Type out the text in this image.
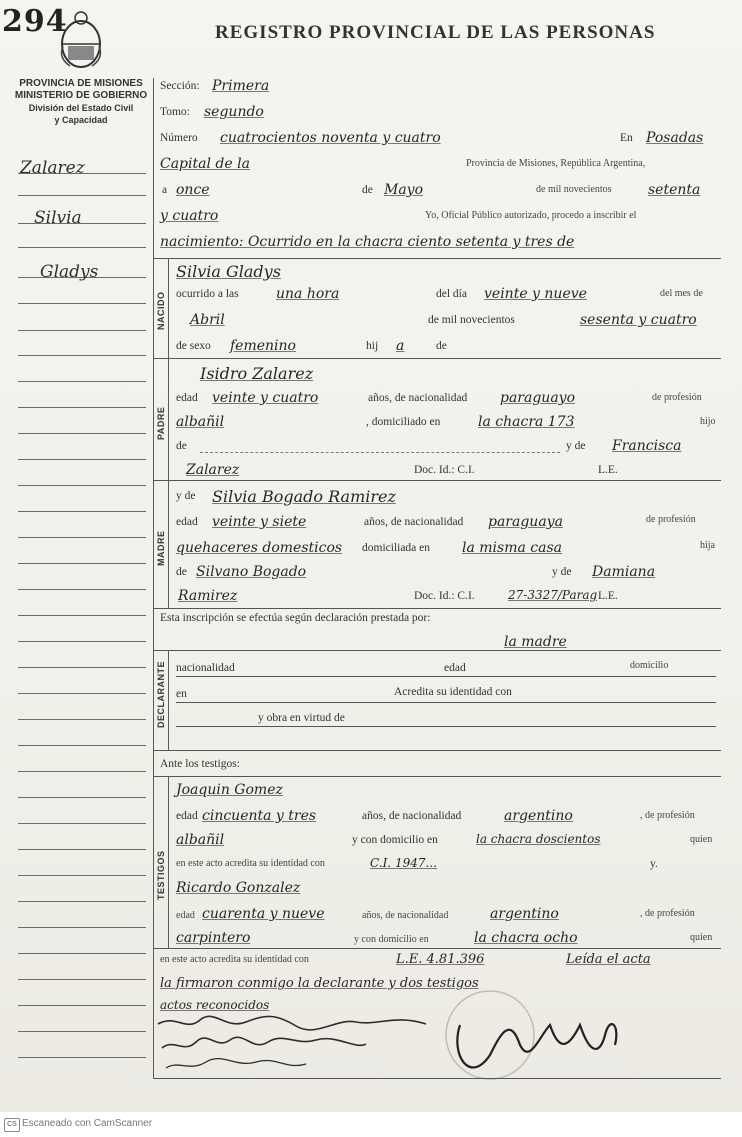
294	REGISTRO PROVINCIAL DE LAS PERSONAS
PROVINCIA DE MISIONES
MINISTERIO DE GOBIERNO
División del Estado Civil
y Capacidad
Zalarez
Silvia
Gladys
Sección: Primera
Tomo: segundo
Número cuatrocientos noventa y cuatro	En Posadas
Capital de la	Provincia de Misiones, República Argentina,
a once	de Mayo	de mil novecientos	setenta
y cuatro	Yo, Oficial Público autorizado, procedo a inscribir el
nacimiento: Ocurrido en la chacra ciento setenta y tres de
NACIDO
Silvia Gladys
ocurrido a las	una hora	del día veinte y nueve	del mes de
Abril	de mil novecientos	sesenta y cuatro
de sexo femenino	hij a	de
PADRE
Isidro Zalarez
edad veinte y cuatro	años, de nacionalidad paraguayo	de profesión
albañil	, domiciliado en	la chacra 173	hijo
de	y de Francisca
Zalarez	Doc. Id.: C.I.	L.E.
MADRE
y de Silvia Bogado Ramirez
edad veinte y siete	años, de nacionalidad paraguaya	de profesión
quehaceres domesticos domiciliada en la misma casa	hija
de Silvano Bogado	y de Damiana
Ramirez	Doc. Id.: C.I.	27-3327/Parag L.E.
Esta inscripción se efectúa según declaración prestada por:
la madre
DECLARANTE nacionalidad	edad	domicilio
en	Acredita su identidad con
y obra en virtud de
Ante los testigos:
TESTIGOS
Joaquin Gomez
edad cincuenta y tres	años, de nacionalidad	argentino	, de profesión
albañil	y con domicilio en	la chacra doscientos	quien
en este acto acredita su identidad con	C.I. 1947...	y.
Ricardo Gonzalez
edad cuarenta y nueve	años, de nacionalidad	argentino	, de profesión
carpintero	y con domicilio en	la chacra ocho	quien
en este acto acredita su identidad con	L.E. 4.81.396	Leída el acta
la firmaron conmigo la declarante y dos testigos
actos reconocidos
CS Escaneado con CamScanner
